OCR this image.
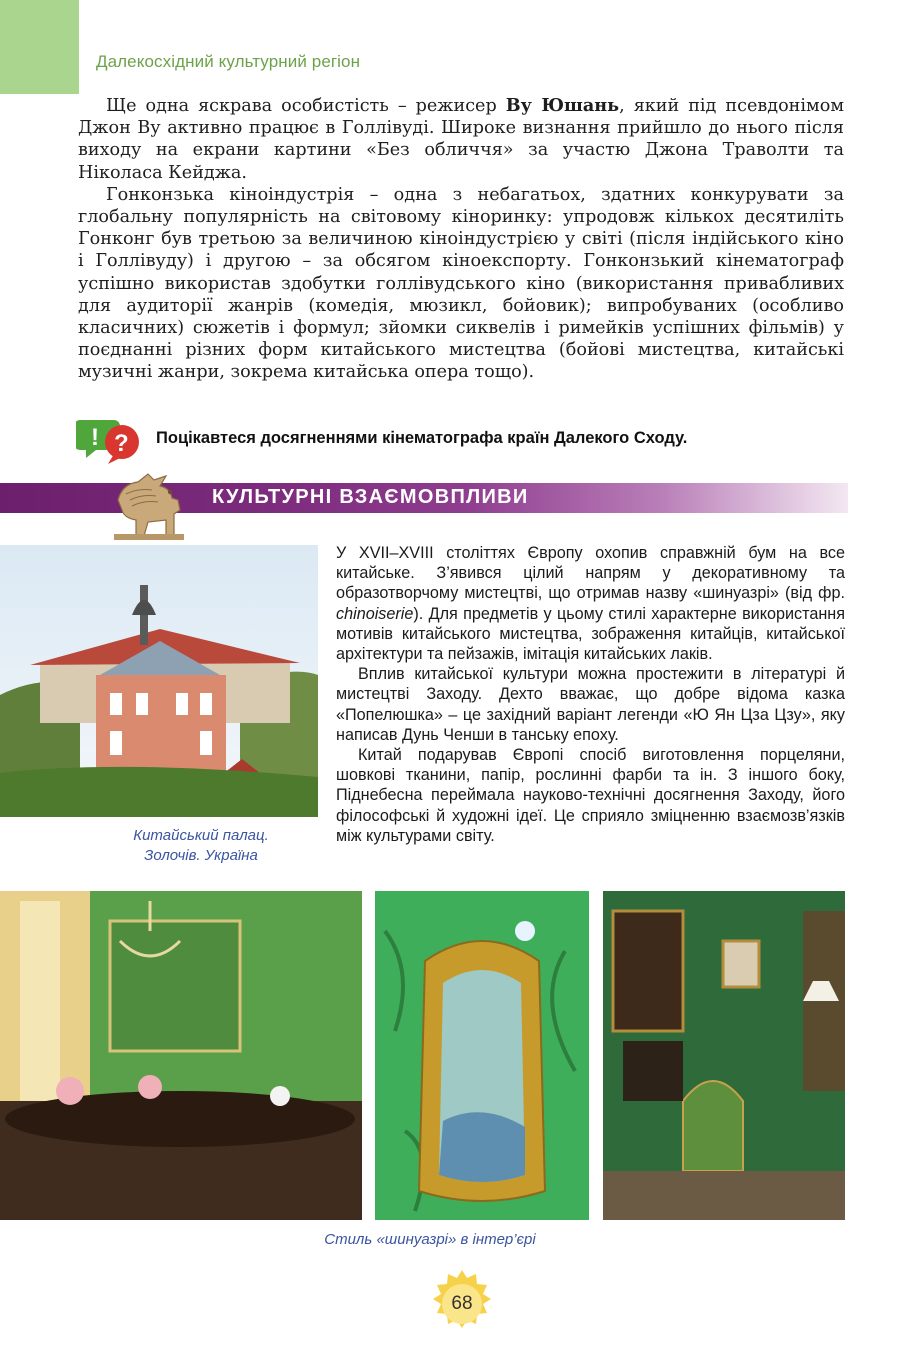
Далекосхідний культурний регіон

Ще одна яскрава особистість – режисер Ву Юшань, який під псевдонімом Джон Ву активно працює в Голлівуді. Широке визнання прийшло до нього після виходу на екрани картини «Без обличчя» за участю Джона Траволти та Ніколаса Кейджа.

Гонконзька кіноіндустрія – одна з небагатьох, здатних конкурувати за глобальну популярність на світовому кіноринку: упродовж кількох десятиліть Гонконг був третьою за величиною кіноіндустрією у світі (після індійського кіно і Голлівуду) і другою – за обсягом кіноекспорту. Гонконзький кінематограф успішно використав здобутки голлівудського кіно (використання привабливих для аудиторії жанрів (комедія, мюзикл, бойовик); випробуваних (особливо класичних) сюжетів і формул; зйомки сиквелів і римейків успішних фільмів) у поєднанні різних форм китайського мистецтва (бойові мистецтва, китайські музичні жанри, зокрема китайська опера тощо).

! ? Поцікавтеся досягненнями кінематографа країн Далекого Сходу.
КУЛЬТУРНІ ВЗАЄМОВПЛИВИ
Китайський палац.
Золочів. Україна

У XVII–XVIII століттях Європу охопив справжній бум на все китайське. З’явився цілий напрям у декоративному та образотворчому мистецтві, що отримав назву «шинуазрі» (від фр. chinoiserie). Для предметів у цьому стилі характерне використання мотивів китайського мистецтва, зображення китайців, китайської архітектури та пейзажів, імітація китайських лаків.

Вплив китайської культури можна простежити в літературі й мистецтві Заходу. Дехто вважає, що добре відома казка «Попелюшка» – це західний варіант легенди «Ю Ян Цза Цзу», яку написав Дунь Ченши в танську епоху.

Китай подарував Європі спосіб виготовлення порцеляни, шовкові тканини, папір, рослинні фарби та ін. З іншого боку, Піднебесна переймала науково-технічні досягнення Заходу, його філософські й художні ідеї. Це сприяло зміцненню взаємозв’язків між культурами світу.

Стиль «шинуазрі» в інтер’єрі
68
